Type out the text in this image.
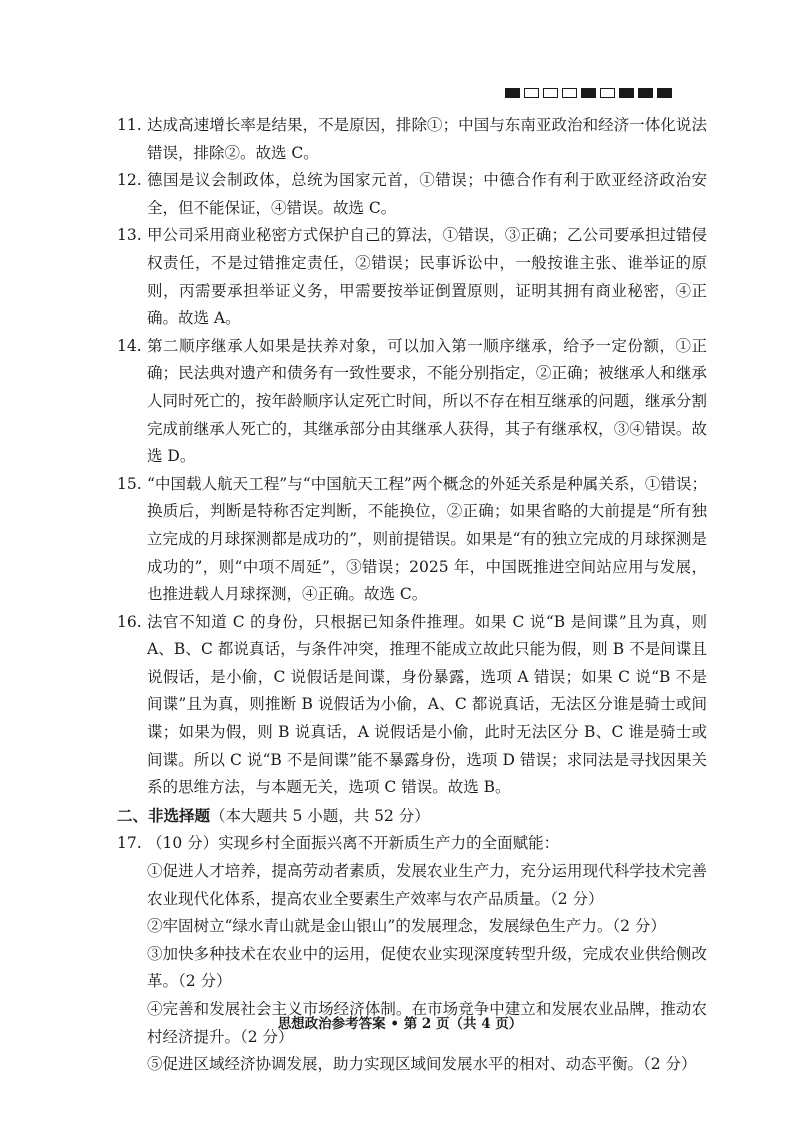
11. 达成高速增长率是结果，不是原因，排除①；中国与东南亚政治和经济一体化说法错误，排除②。故选 C。

12. 德国是议会制政体，总统为国家元首，①错误；中德合作有利于欧亚经济政治安全，但不能保证，④错误。故选 C。

13. 甲公司采用商业秘密方式保护自己的算法，①错误，③正确；乙公司要承担过错侵权责任，不是过错推定责任，②错误；民事诉讼中，一般按谁主张、谁举证的原则，丙需要承担举证义务，甲需要按举证倒置原则，证明其拥有商业秘密，④正确。故选 A。

14. 第二顺序继承人如果是扶养对象，可以加入第一顺序继承，给予一定份额，①正确；民法典对遗产和债务有一致性要求，不能分别指定，②正确；被继承人和继承人同时死亡的，按年龄顺序认定死亡时间，所以不存在相互继承的问题，继承分割完成前继承人死亡的，其继承部分由其继承人获得，其子有继承权，③④错误。故选 D。

15. “中国载人航天工程”与“中国航天工程”两个概念的外延关系是种属关系，①错误；换质后，判断是特称否定判断，不能换位，②正确；如果省略的大前提是“所有独立完成的月球探测都是成功的”，则前提错误。如果是“有的独立完成的月球探测是成功的”，则“中项不周延”，③错误；2025 年，中国既推进空间站应用与发展，也推进载人月球探测，④正确。故选 C。

16. 法官不知道 C 的身份，只根据已知条件推理。如果 C 说“B 是间谍”且为真，则 A、B、C 都说真话，与条件冲突，推理不能成立故此只能为假，则 B 不是间谍且说假话，是小偷，C 说假话是间谍，身份暴露，选项 A 错误；如果 C 说“B 不是间谍”且为真，则推断 B 说假话为小偷，A、C 都说真话，无法区分谁是骑士或间谍；如果为假，则 B 说真话，A 说假话是小偷，此时无法区分 B、C 谁是骑士或间谍。所以 C 说“B 不是间谍”能不暴露身份，选项 D 错误；求同法是寻找因果关系的思维方法，与本题无关，选项 C 错误。故选 B。

二、非选择题（本大题共 5 小题，共 52 分）

17. （10 分）实现乡村全面振兴离不开新质生产力的全面赋能：

①促进人才培养，提高劳动者素质，发展农业生产力，充分运用现代科学技术完善农业现代化体系，提高农业全要素生产效率与农产品质量。（2 分）

②牢固树立“绿水青山就是金山银山”的发展理念，发展绿色生产力。（2 分）

③加快多种技术在农业中的运用，促使农业实现深度转型升级，完成农业供给侧改革。（2 分）

④完善和发展社会主义市场经济体制。在市场竞争中建立和发展农业品牌，推动农村经济提升。（2 分）

⑤促进区域经济协调发展，助力实现区域间发展水平的相对、动态平衡。（2 分）

思想政治参考答案 • 第 2 页（共 4 页）
